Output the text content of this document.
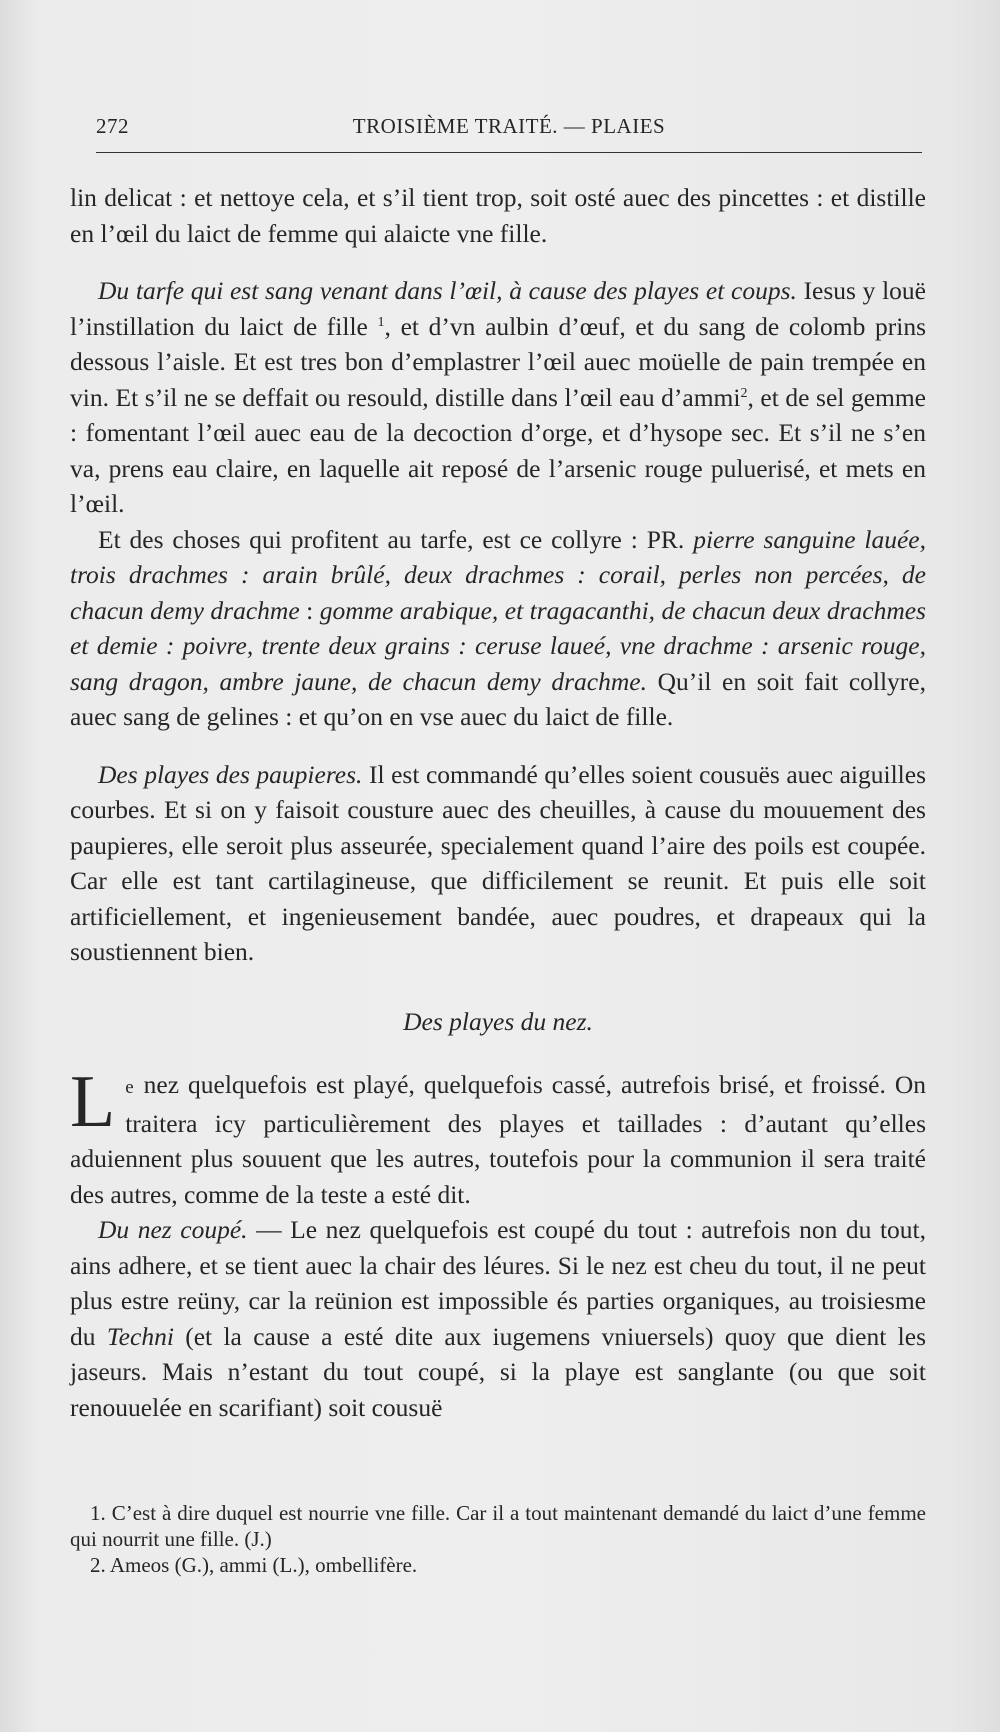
272	TROISIÈME TRAITÉ. — PLAIES

lin delicat : et nettoye cela, et s’il tient trop, soit osté auec des pincettes : et distille en l’œil du laict de femme qui alaicte vne fille.

Du tarfe qui est sang venant dans l’œil, à cause des playes et coups. Iesus y louë l’instillation du laict de fille $^1$, et d’vn aulbin d’œuf, et du sang de colomb prins dessous l’aisle. Et est tres bon d’emplastrer l’œil auec moüelle de pain trempée en vin. Et s’il ne se deffait ou resould, distille dans l’œil eau d’ammi$^2$, et de sel gemme : fomentant l’œil auec eau de la decoction d’orge, et d’hysope sec. Et s’il ne s’en va, prens eau claire, en laquelle ait reposé de l’arsenic rouge puluerisé, et mets en l’œil.

Et des choses qui profitent au tarfe, est ce collyre : PR. pierre sanguine lauée, trois drachmes : arain brûlé, deux drachmes : corail, perles non percées, de chacun demy drachme : gomme arabique, et tragacanthi, de chacun deux drachmes et demie : poivre, trente deux grains : ceruse laueé, vne drachme : arsenic rouge, sang dragon, ambre jaune, de chacun demy drachme. Qu’il en soit fait collyre, auec sang de gelines : et qu’on en vse auec du laict de fille.

Des playes des paupieres. Il est commandé qu’elles soient cousuës auec aiguilles courbes. Et si on y faisoit cousture auec des cheuilles, à cause du mouuement des paupieres, elle seroit plus asseurée, specialement quand l’aire des poils est coupée. Car elle est tant cartilagineuse, que difficilement se reunit. Et puis elle soit artificiellement, et ingenieusement bandée, auec poudres, et drapeaux qui la soustiennent bien.

Des playes du nez.

Le nez quelquefois est playé, quelquefois cassé, autrefois brisé, et froissé. On traitera icy particulièrement des playes et taillades : d’autant qu’elles aduiennent plus souuent que les autres, toutefois pour la communion il sera traité des autres, comme de la teste a esté dit.

Du nez coupé. — Le nez quelquefois est coupé du tout : autrefois non du tout, ains adhere, et se tient auec la chair des léures. Si le nez est cheu du tout, il ne peut plus estre reüny, car la reünion est impossible és parties organiques, au troisiesme du Techni (et la cause a esté dite aux iugemens vniuersels) quoy que dient les jaseurs. Mais n’estant du tout coupé, si la playe est sanglante (ou que soit renouuelée en scarifiant) soit cousuë

1. C’est à dire duquel est nourrie vne fille. Car il a tout maintenant demandé du laict d’une femme qui nourrit une fille. (J.)

2. Ameos (G.), ammi (L.), ombellifère.
